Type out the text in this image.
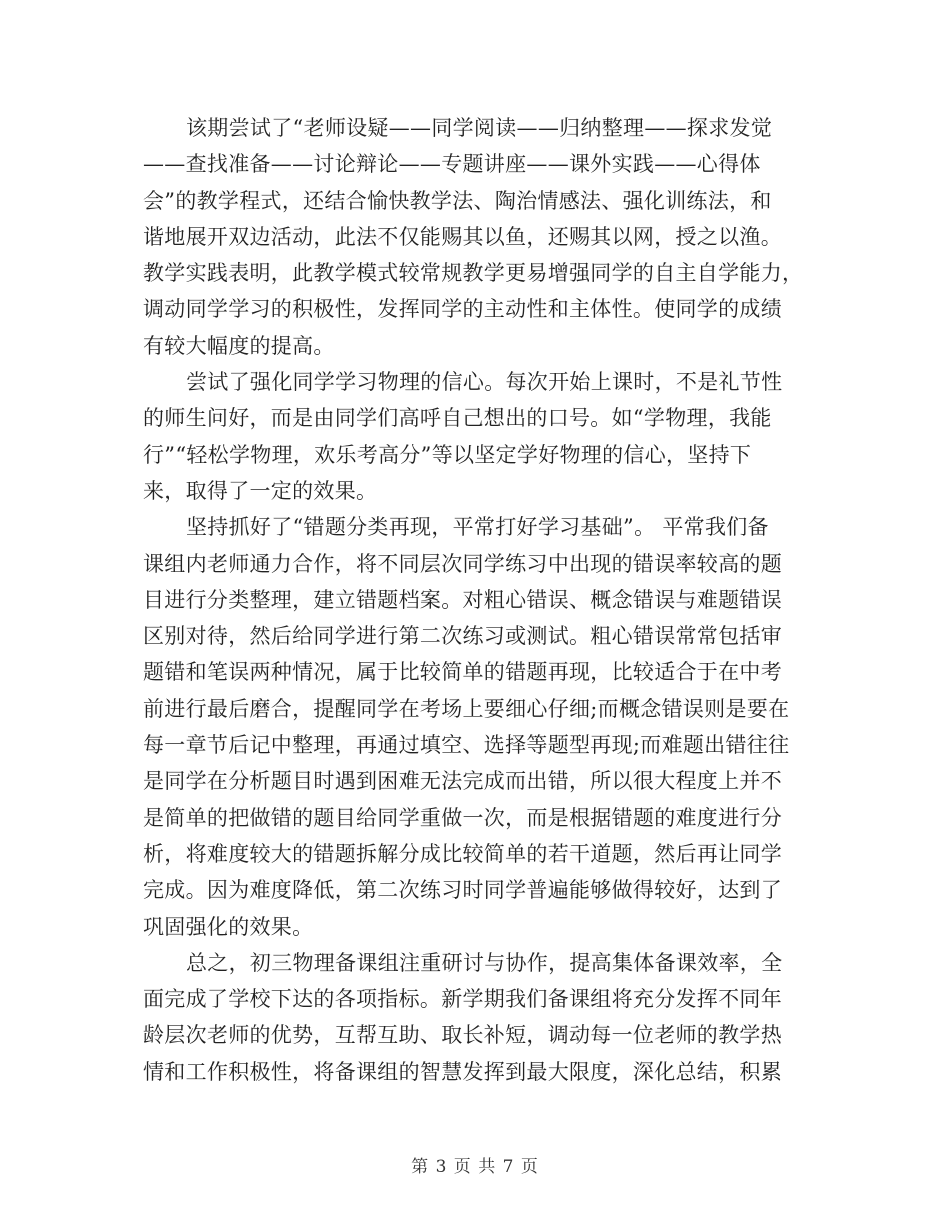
该期尝试了“老师设疑——同学阅读——归纳整理——探求发觉
——查找准备——讨论辩论——专题讲座——课外实践——心得体
会”的教学程式，还结合愉快教学法、陶治情感法、强化训练法，和
谐地展开双边活动，此法不仅能赐其以鱼，还赐其以网，授之以渔。
教学实践表明，此教学模式较常规教学更易增强同学的自主自学能力，
调动同学学习的积极性，发挥同学的主动性和主体性。使同学的成绩
有较大幅度的提高。
尝试了强化同学学习物理的信心。每次开始上课时，不是礼节性
的师生问好，而是由同学们高呼自己想出的口号。如“学物理，我能
行”“轻松学物理，欢乐考高分”等以坚定学好物理的信心，坚持下
来，取得了一定的效果。
坚持抓好了“错题分类再现，平常打好学习基础”。 平常我们备
课组内老师通力合作，将不同层次同学练习中出现的错误率较高的题
目进行分类整理，建立错题档案。对粗心错误、概念错误与难题错误
区别对待，然后给同学进行第二次练习或测试。粗心错误常常包括审
题错和笔误两种情况，属于比较简单的错题再现，比较适合于在中考
前进行最后磨合，提醒同学在考场上要细心仔细;而概念错误则是要在
每一章节后记中整理，再通过填空、选择等题型再现;而难题出错往往
是同学在分析题目时遇到困难无法完成而出错，所以很大程度上并不
是简单的把做错的题目给同学重做一次，而是根据错题的难度进行分
析，将难度较大的错题拆解分成比较简单的若干道题，然后再让同学
完成。因为难度降低，第二次练习时同学普遍能够做得较好，达到了
巩固强化的效果。
总之，初三物理备课组注重研讨与协作，提高集体备课效率，全
面完成了学校下达的各项指标。新学期我们备课组将充分发挥不同年
龄层次老师的优势，互帮互助、取长补短，调动每一位老师的教学热
情和工作积极性，将备课组的智慧发挥到最大限度，深化总结，积累
第 3 页 共 7 页
